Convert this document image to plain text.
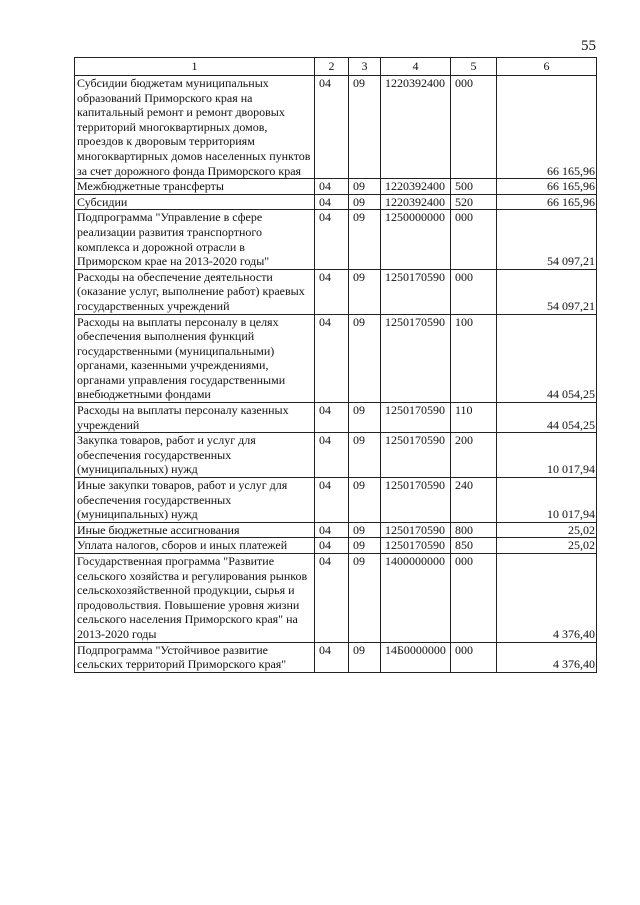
55
1	2	3	4	5	6
Субсидии бюджетам муниципальных образований Приморского края на капитальный ремонт и ремонт дворовых территорий многоквартирных домов, проездов к дворовым территориям многоквартирных домов населенных пунктов за счет дорожного фонда Приморского края	04	09	1220392400	000	66 165,96
Межбюджетные трансферты	04	09	1220392400	500	66 165,96
Субсидии	04	09	1220392400	520	66 165,96
Подпрограмма "Управление в сфере реализации развития транспортного комплекса и дорожной отрасли в Приморском крае на 2013-2020 годы"	04	09	1250000000	000	54 097,21
Расходы на обеспечение деятельности (оказание услуг, выполнение работ) краевых государственных учреждений	04	09	1250170590	000	54 097,21
Расходы на выплаты персоналу в целях обеспечения выполнения функций государственными (муниципальными) органами, казенными учреждениями, органами управления государственными внебюджетными фондами	04	09	1250170590	100	44 054,25
Расходы на выплаты персоналу казенных учреждений	04	09	1250170590	110	44 054,25
Закупка товаров, работ и услуг для обеспечения государственных (муниципальных) нужд	04	09	1250170590	200	10 017,94
Иные закупки товаров, работ и услуг для обеспечения государственных (муниципальных) нужд	04	09	1250170590	240	10 017,94
Иные бюджетные ассигнования	04	09	1250170590	800	25,02
Уплата налогов, сборов и иных платежей	04	09	1250170590	850	25,02
Государственная программа "Развитие сельского хозяйства и регулирования рынков сельскохозяйственной продукции, сырья и продовольствия. Повышение уровня жизни сельского населения Приморского края" на 2013-2020 годы	04	09	1400000000	000	4 376,40
Подпрограмма "Устойчивое развитие сельских территорий Приморского края"	04	09	14Б0000000	000	4 376,40
